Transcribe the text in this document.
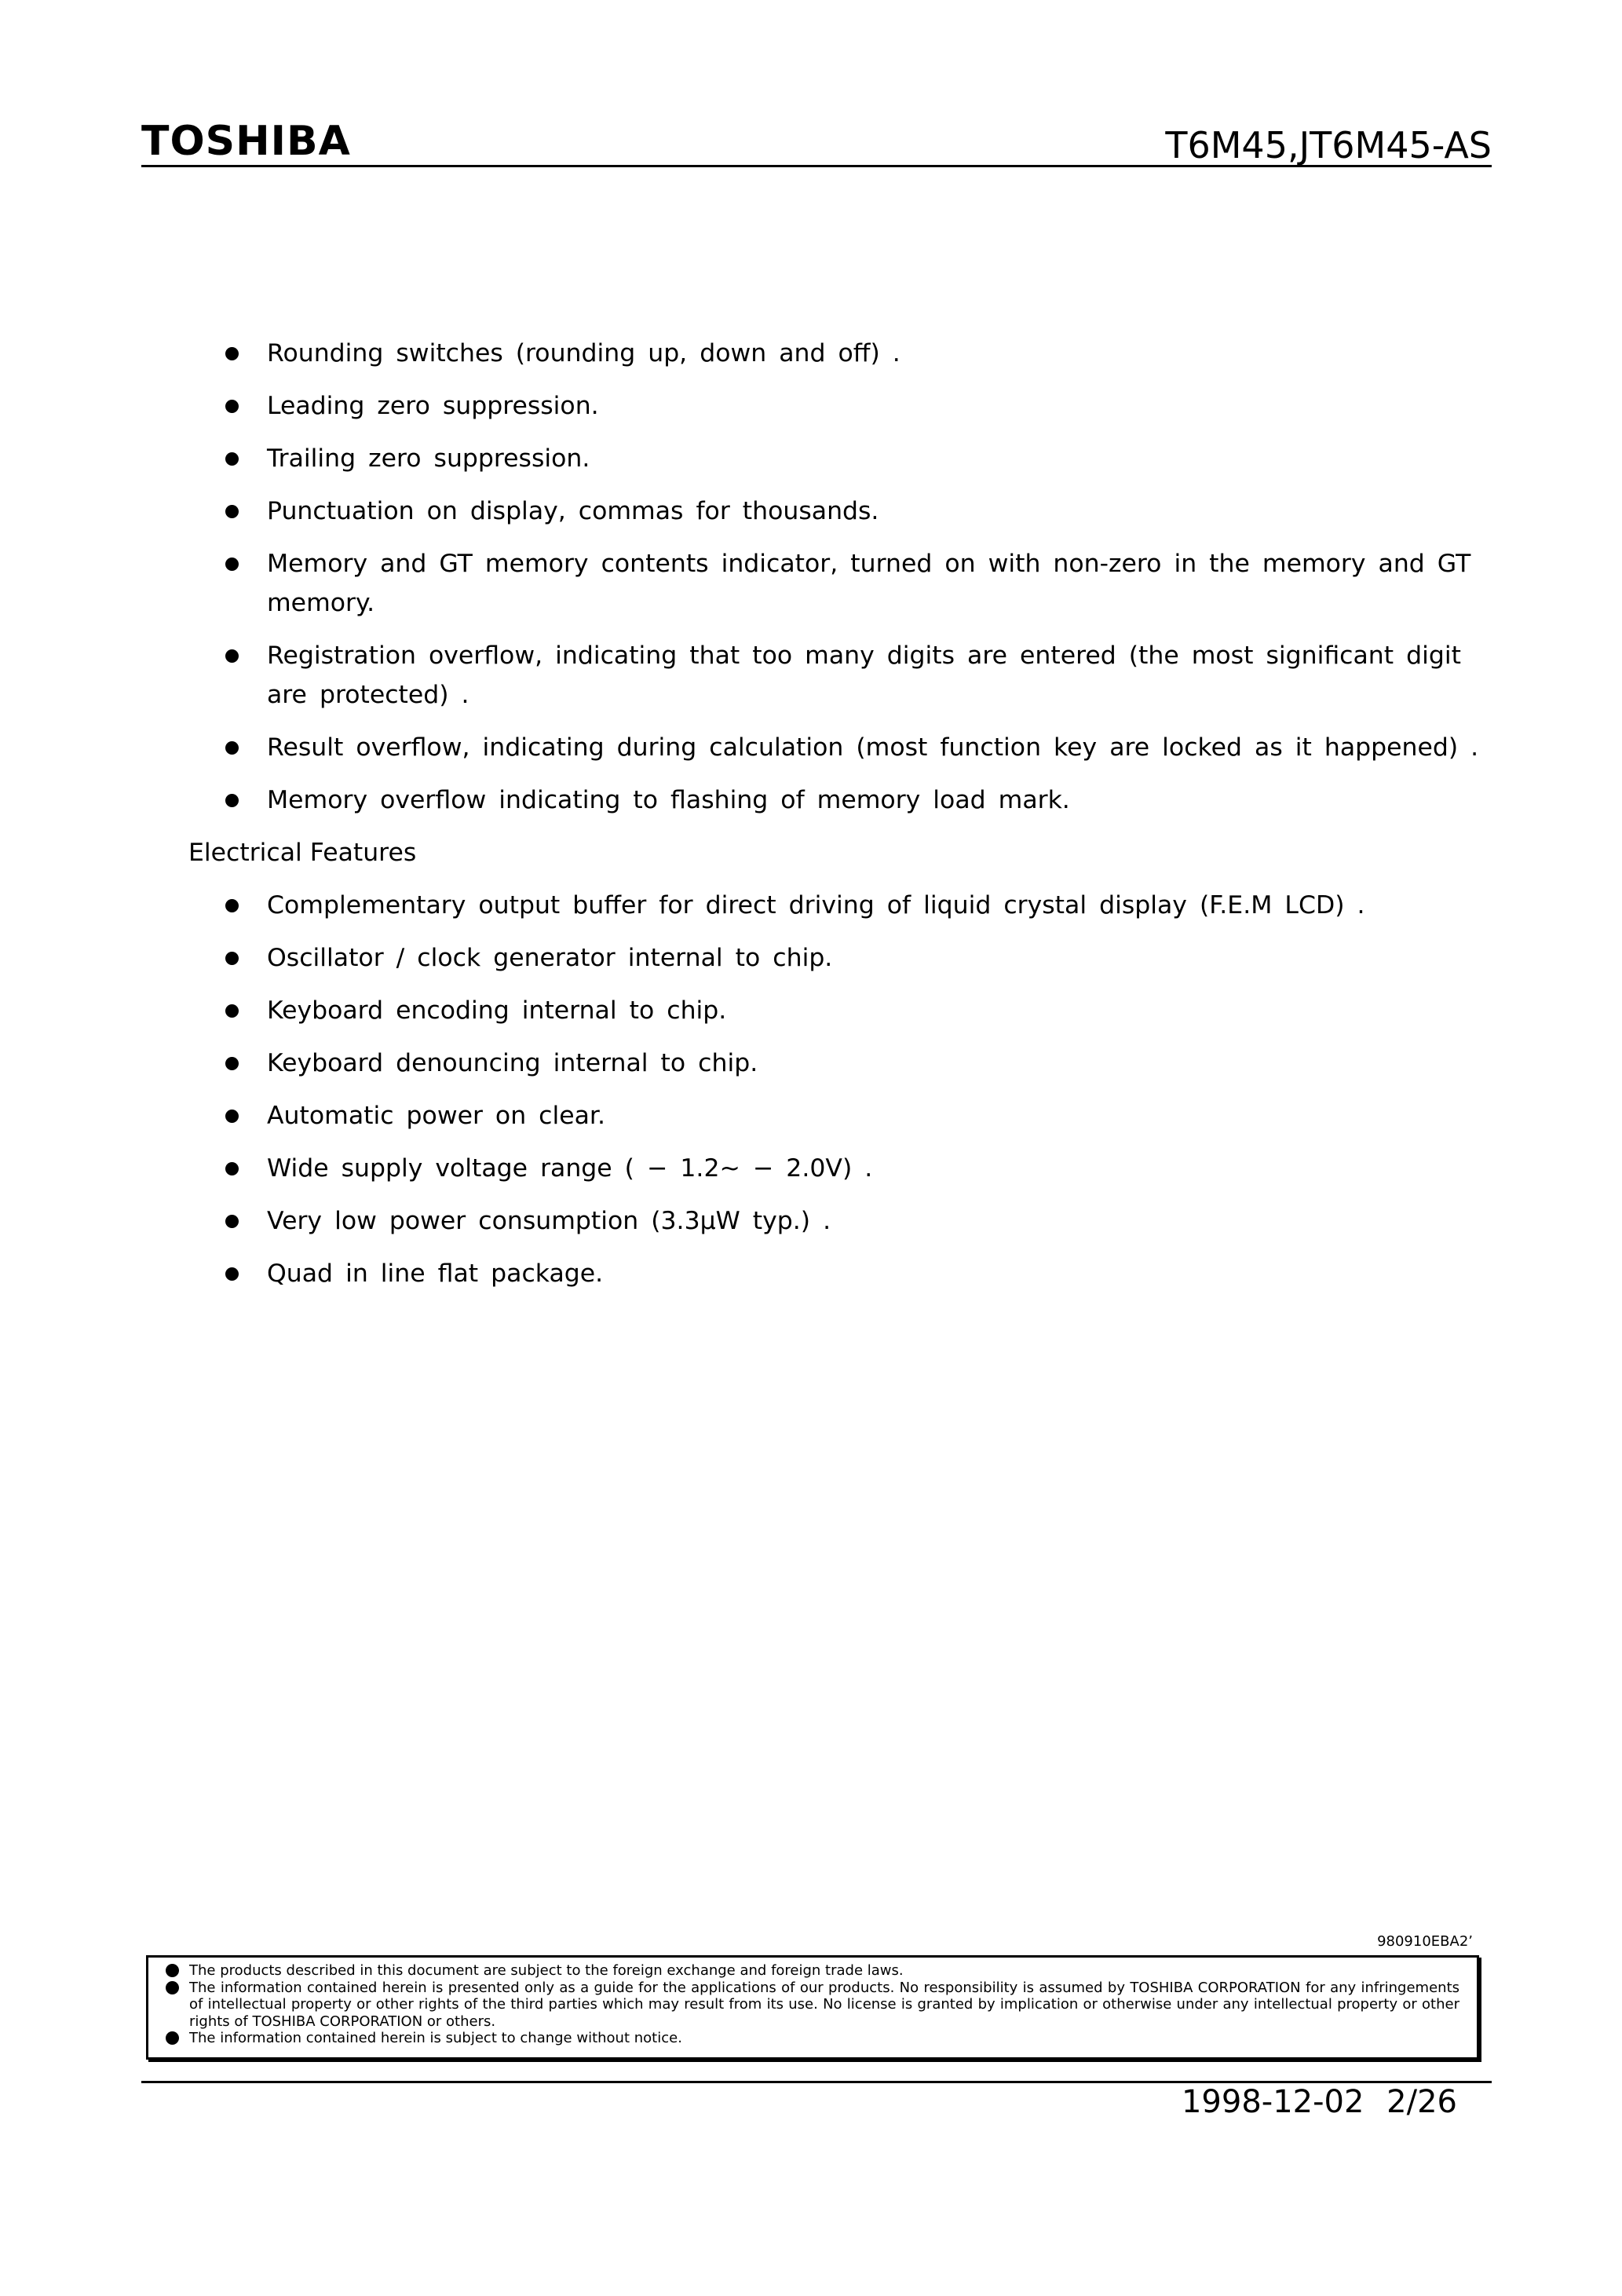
TOSHIBA	T6M45,JT6M45-AS
Rounding switches (rounding up, down and off) .
Leading zero suppression.
Trailing zero suppression.
Punctuation on display, commas for thousands.
Memory and GT memory contents indicator, turned on with non-zero in the memory and GT memory.
Registration overflow, indicating that too many digits are entered (the most significant digit are protected) .
Result overflow, indicating during calculation (most function key are locked as it happened) .
Memory overflow indicating to flashing of memory load mark.
Electrical Features
Complementary output buffer for direct driving of liquid crystal display (F.E.M LCD) .
Oscillator / clock generator internal to chip.
Keyboard encoding internal to chip.
Keyboard denouncing internal to chip.
Automatic power on clear.
Wide supply voltage range ( − 1.2~ − 2.0V) .
Very low power consumption (3.3μW typ.) .
Quad in line flat package.
980910EBA2’
The products described in this document are subject to the foreign exchange and foreign trade laws.
The information contained herein is presented only as a guide for the applications of our products. No responsibility is assumed by TOSHIBA CORPORATION for any infringements of intellectual property or other rights of the third parties which may result from its use. No license is granted by implication or otherwise under any intellectual property or other rights of TOSHIBA CORPORATION or others.
The information contained herein is subject to change without notice.
1998-12-02 2/26
